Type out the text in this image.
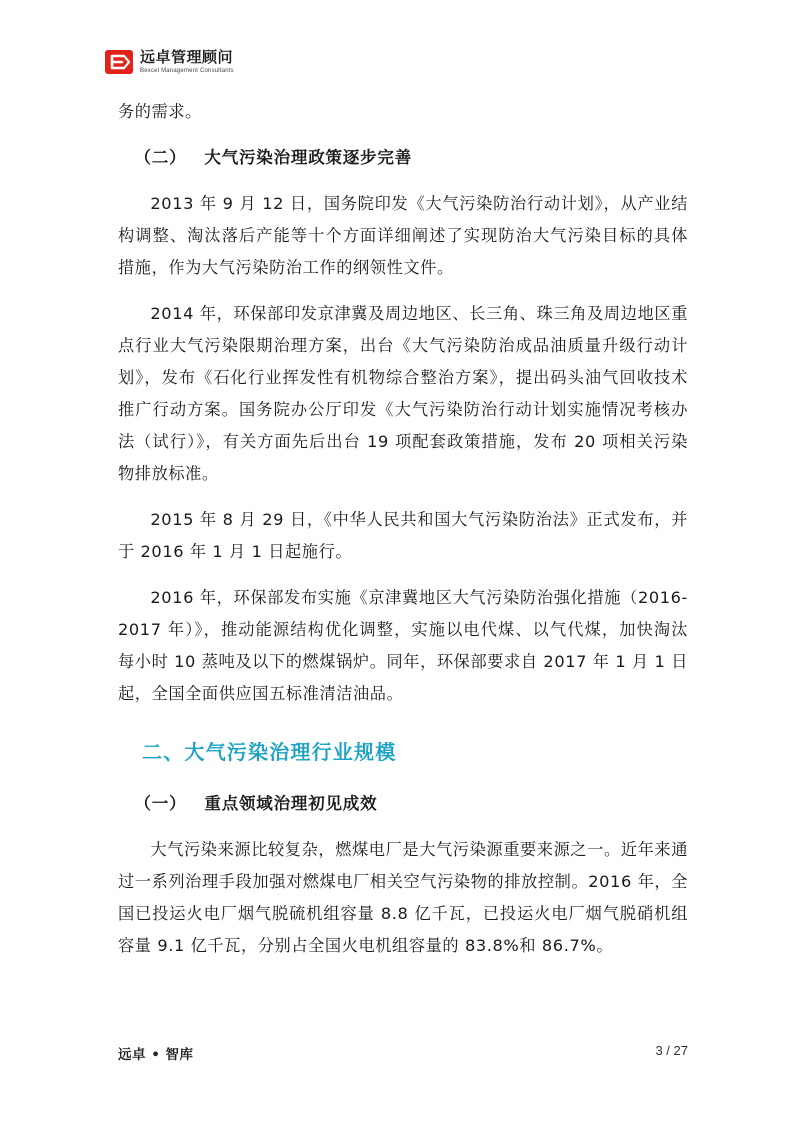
远卓管理顾问
Bexcel Management Consultants

务的需求。

（二） 大气污染治理政策逐步完善

2013 年 9 月 12 日，国务院印发《大气污染防治行动计划》，从产业结构调整、淘汰落后产能等十个方面详细阐述了实现防治大气污染目标的具体措施，作为大气污染防治工作的纲领性文件。

2014 年，环保部印发京津冀及周边地区、长三角、珠三角及周边地区重点行业大气污染限期治理方案，出台《大气污染防治成品油质量升级行动计划》，发布《石化行业挥发性有机物综合整治方案》，提出码头油气回收技术推广行动方案。国务院办公厅印发《大气污染防治行动计划实施情况考核办法（试行）》，有关方面先后出台 19 项配套政策措施，发布 20 项相关污染物排放标准。

2015 年 8 月 29 日，《中华人民共和国大气污染防治法》正式发布，并于 2016 年 1 月 1 日起施行。

2016 年，环保部发布实施《京津冀地区大气污染防治强化措施（2016-2017 年）》，推动能源结构优化调整，实施以电代煤、以气代煤，加快淘汰每小时 10 蒸吨及以下的燃煤锅炉。同年，环保部要求自 2017 年 1 月 1 日起，全国全面供应国五标准清洁油品。

二、大气污染治理行业规模
（一） 重点领域治理初见成效

大气污染来源比较复杂，燃煤电厂是大气污染源重要来源之一。近年来通过一系列治理手段加强对燃煤电厂相关空气污染物的排放控制。2016 年，全国已投运火电厂烟气脱硫机组容量 8.8 亿千瓦，已投运火电厂烟气脱硝机组容量 9.1 亿千瓦，分别占全国火电机组容量的 83.8%和 86.7%。

远卓 • 智库	3 / 27
